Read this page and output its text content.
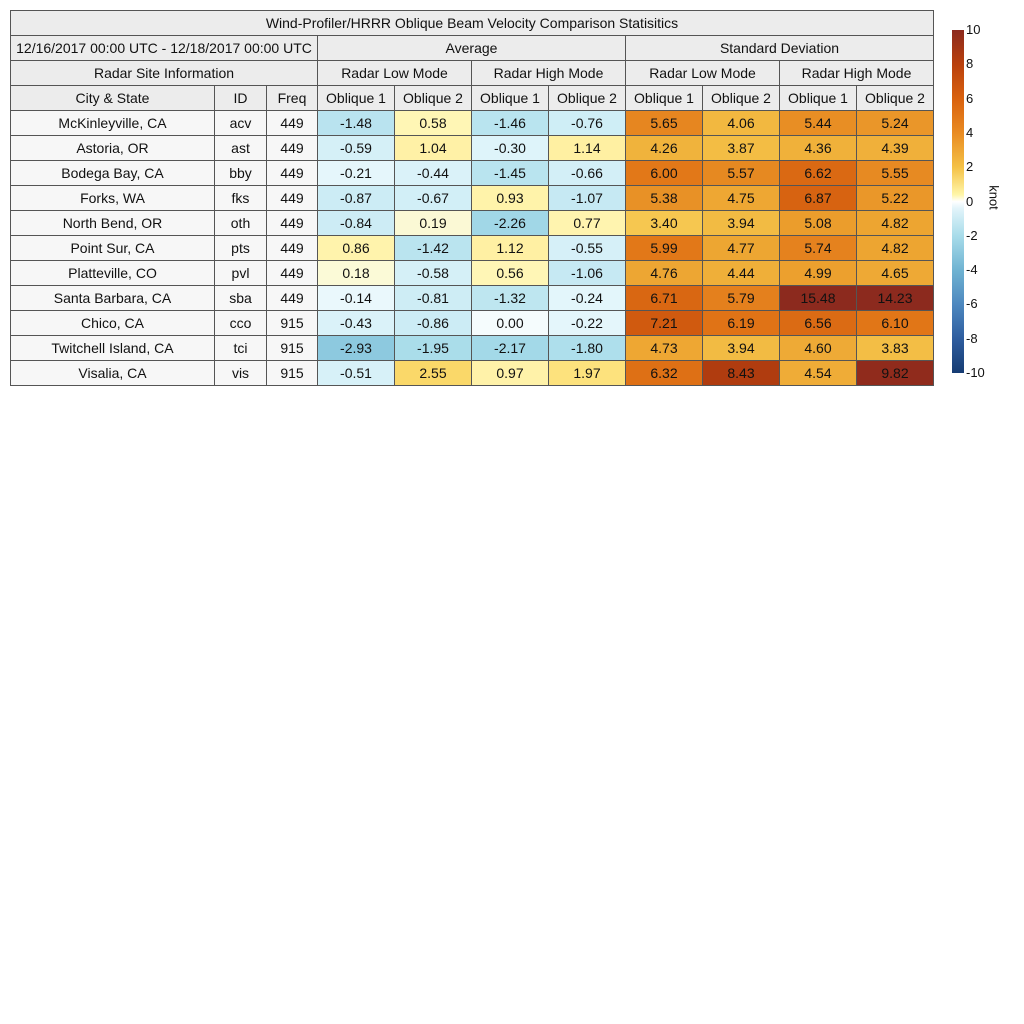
Wind-Profiler/HRRR Oblique Beam Velocity Comparison Statisitics										
12/16/2017 00:00 UTC - 12/18/2017 00:00 UTC			Average				Standard Deviation			
Radar Site Information			Radar Low Mode		Radar High Mode		Radar Low Mode		Radar High Mode	
City & State	ID	Freq	Oblique 1	Oblique 2	Oblique 1	Oblique 2	Oblique 1	Oblique 2	Oblique 1	Oblique 2
McKinleyville, CA	acv	449	-1.48	0.58	-1.46	-0.76	5.65	4.06	5.44	5.24
Astoria, OR	ast	449	-0.59	1.04	-0.30	1.14	4.26	3.87	4.36	4.39
Bodega Bay, CA	bby	449	-0.21	-0.44	-1.45	-0.66	6.00	5.57	6.62	5.55
Forks, WA	fks	449	-0.87	-0.67	0.93	-1.07	5.38	4.75	6.87	5.22
North Bend, OR	oth	449	-0.84	0.19	-2.26	0.77	3.40	3.94	5.08	4.82
Point Sur, CA	pts	449	0.86	-1.42	1.12	-0.55	5.99	4.77	5.74	4.82
Platteville, CO	pvl	449	0.18	-0.58	0.56	-1.06	4.76	4.44	4.99	4.65
Santa Barbara, CA	sba	449	-0.14	-0.81	-1.32	-0.24	6.71	5.79	15.48	14.23
Chico, CA	cco	915	-0.43	-0.86	0.00	-0.22	7.21	6.19	6.56	6.10
Twitchell Island, CA	tci	915	-2.93	-1.95	-2.17	-1.80	4.73	3.94	4.60	3.83
Visalia, CA	vis	915	-0.51	2.55	0.97	1.97	6.32	8.43	4.54	9.82
10
8
6
4
2
0
-2
-4
-6
-8
-10
knot
